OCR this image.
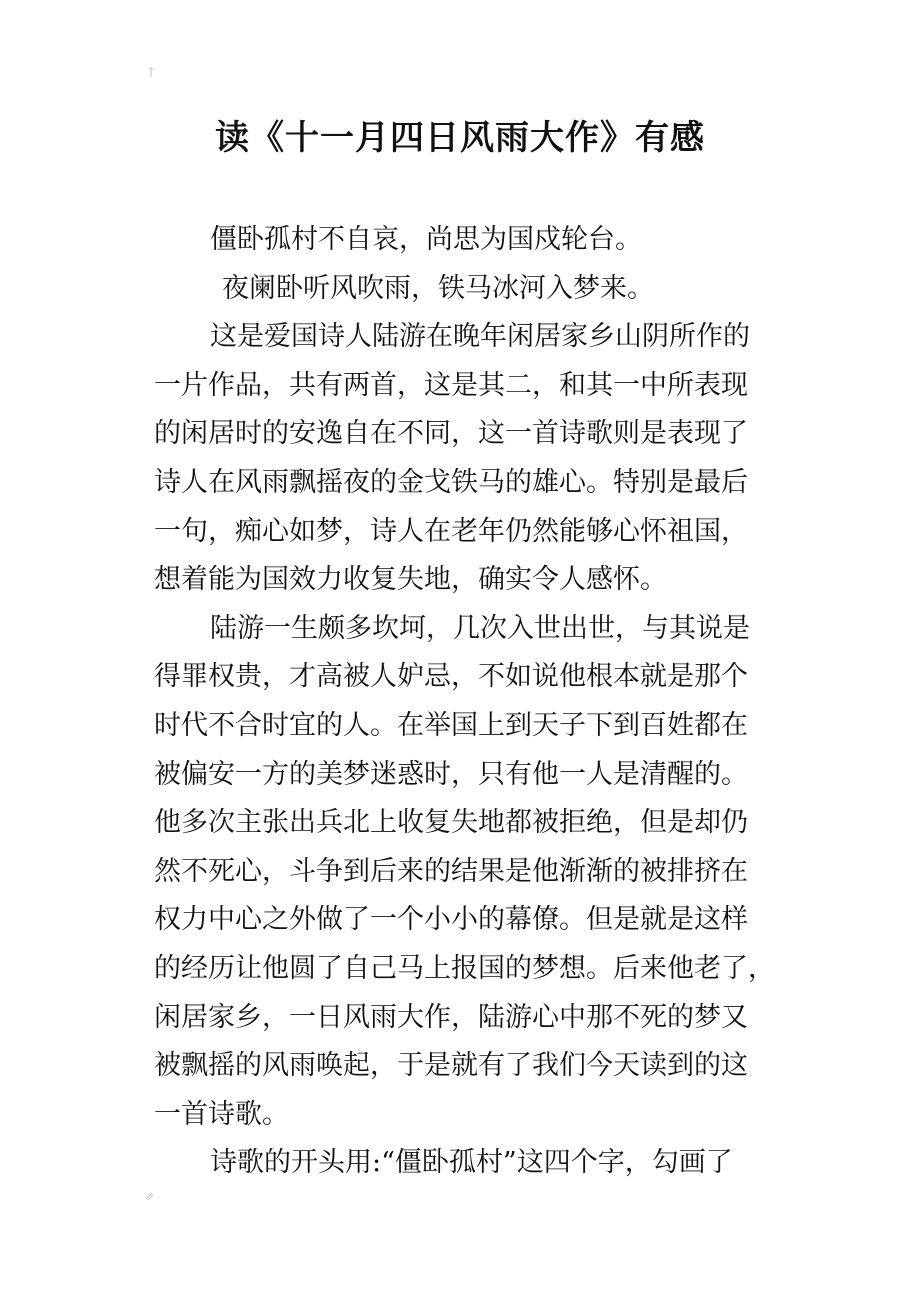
读《十一月四日风雨大作》有感
僵卧孤村不自哀，尚思为国戍轮台。
夜阑卧听风吹雨，铁马冰河入梦来。
这是爱国诗人陆游在晚年闲居家乡山阴所作的
一片作品，共有两首，这是其二，和其一中所表现
的闲居时的安逸自在不同，这一首诗歌则是表现了
诗人在风雨飘摇夜的金戈铁马的雄心。特别是最后
一句，痴心如梦，诗人在老年仍然能够心怀祖国，
想着能为国效力收复失地，确实令人感怀。
陆游一生颇多坎坷，几次入世出世，与其说是
得罪权贵，才高被人妒忌，不如说他根本就是那个
时代不合时宜的人。在举国上到天子下到百姓都在
被偏安一方的美梦迷惑时，只有他一人是清醒的。
他多次主张出兵北上收复失地都被拒绝，但是却仍
然不死心，斗争到后来的结果是他渐渐的被排挤在
权力中心之外做了一个小小的幕僚。但是就是这样
的经历让他圆了自己马上报国的梦想。后来他老了，
闲居家乡，一日风雨大作，陆游心中那不死的梦又
被飘摇的风雨唤起，于是就有了我们今天读到的这
一首诗歌。
诗歌的开头用:“僵卧孤村”这四个字，勾画了
